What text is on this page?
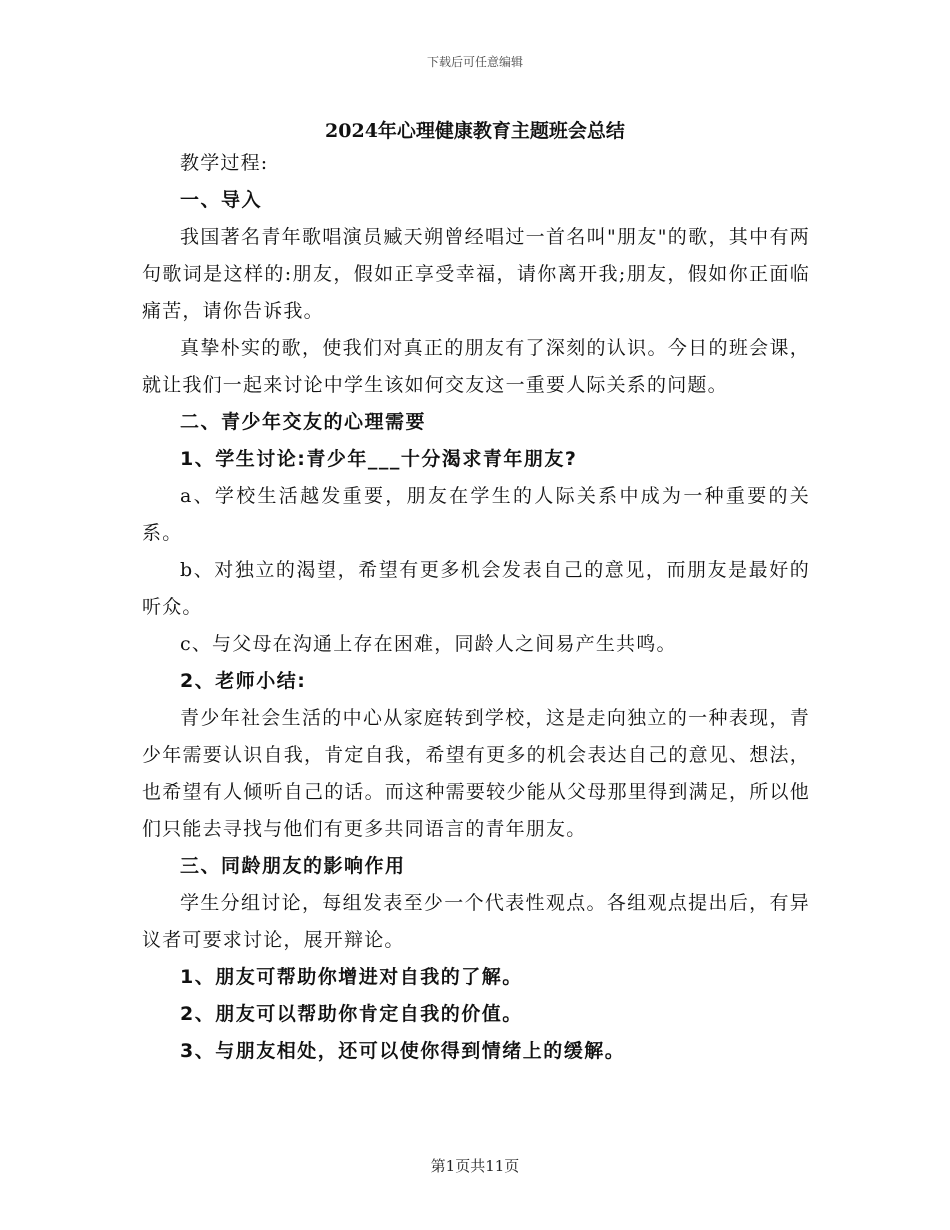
下载后可任意编辑
2024年心理健康教育主题班会总结

教学过程:

一、导入

我国著名青年歌唱演员臧天朔曾经唱过一首名叫"朋友"的歌，其中有两句歌词是这样的:朋友，假如正享受幸福，请你离开我;朋友，假如你正面临痛苦，请你告诉我。

真挚朴实的歌，使我们对真正的朋友有了深刻的认识。今日的班会课，就让我们一起来讨论中学生该如何交友这一重要人际关系的问题。

二、青少年交友的心理需要

1、学生讨论:青少年___十分渴求青年朋友?

a、学校生活越发重要，朋友在学生的人际关系中成为一种重要的关系。

b、对独立的渴望，希望有更多机会发表自己的意见，而朋友是最好的听众。

c、与父母在沟通上存在困难，同龄人之间易产生共鸣。

2、老师小结:

青少年社会生活的中心从家庭转到学校，这是走向独立的一种表现，青少年需要认识自我，肯定自我，希望有更多的机会表达自己的意见、想法，也希望有人倾听自己的话。而这种需要较少能从父母那里得到满足，所以他们只能去寻找与他们有更多共同语言的青年朋友。

三、同龄朋友的影响作用

学生分组讨论，每组发表至少一个代表性观点。各组观点提出后，有异议者可要求讨论，展开辩论。

1、朋友可帮助你增进对自我的了解。

2、朋友可以帮助你肯定自我的价值。

3、与朋友相处，还可以使你得到情绪上的缓解。

第1页共11页
